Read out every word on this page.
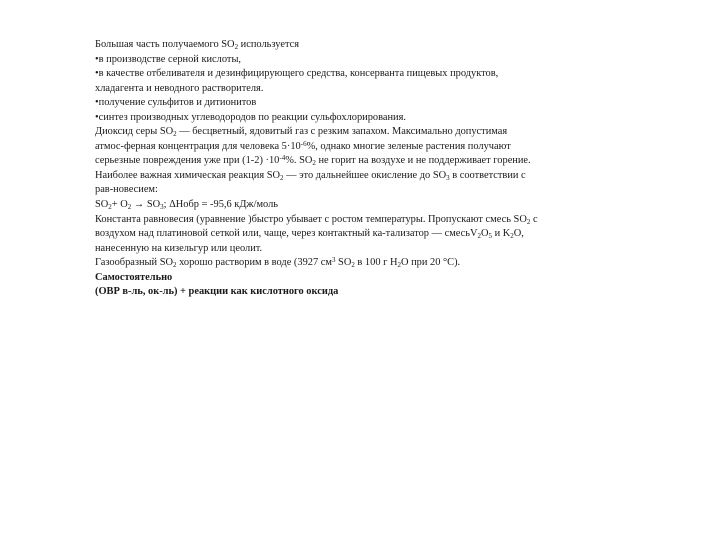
Большая часть получаемого $SO_2$ используется
•в производстве серной кислоты,
•в качестве отбеливателя и дезинфицирующего средства, консерванта пищевых продуктов,
хладагента и неводного растворителя.
•получение сульфитов и дитионитов
•синтез производных углеводородов по реакции сульфохлорирования.
Диоксид серы $SO_2$ — бесцветный, ядовитый газ с резким запахом. Максимально допустимая
атмос-ферная концентрация для человека $5\cdot 10^{-6}\%$, однако многие зеленые растения получают
серьезные повреждения уже при $(1-2) \cdot 10^{-4}\%$. $SO_2$ не горит на воздухе и не поддерживает горение.
Наиболее важная химическая реакция $SO_2$ — это дальнейшее окисление до $SO_3$ в соответствии с
рав-новесием:
$SO_2+ O_2 \to SO_3$; ΔHобр = -95,6 кДж/моль
Константа равновесия (уравнение )быстро убывает с ростом температуры. Пропускают смесь $SO_2$ с
воздухом над платиновой сеткой или, чаще, через контактный ка-тализатор — $смесьV_2O_5$ и $K_2O$,
нанесенную на кизельгур или цеолит.
Газообразный $SO_2$ хорошо растворим в воде (3927 $см^3$ $SO_2$ в 100 г $H_2O$ при 20 °C).
Самостоятельно
(ОВР в-ль, ок-ль) + реакции как кислотного оксида
